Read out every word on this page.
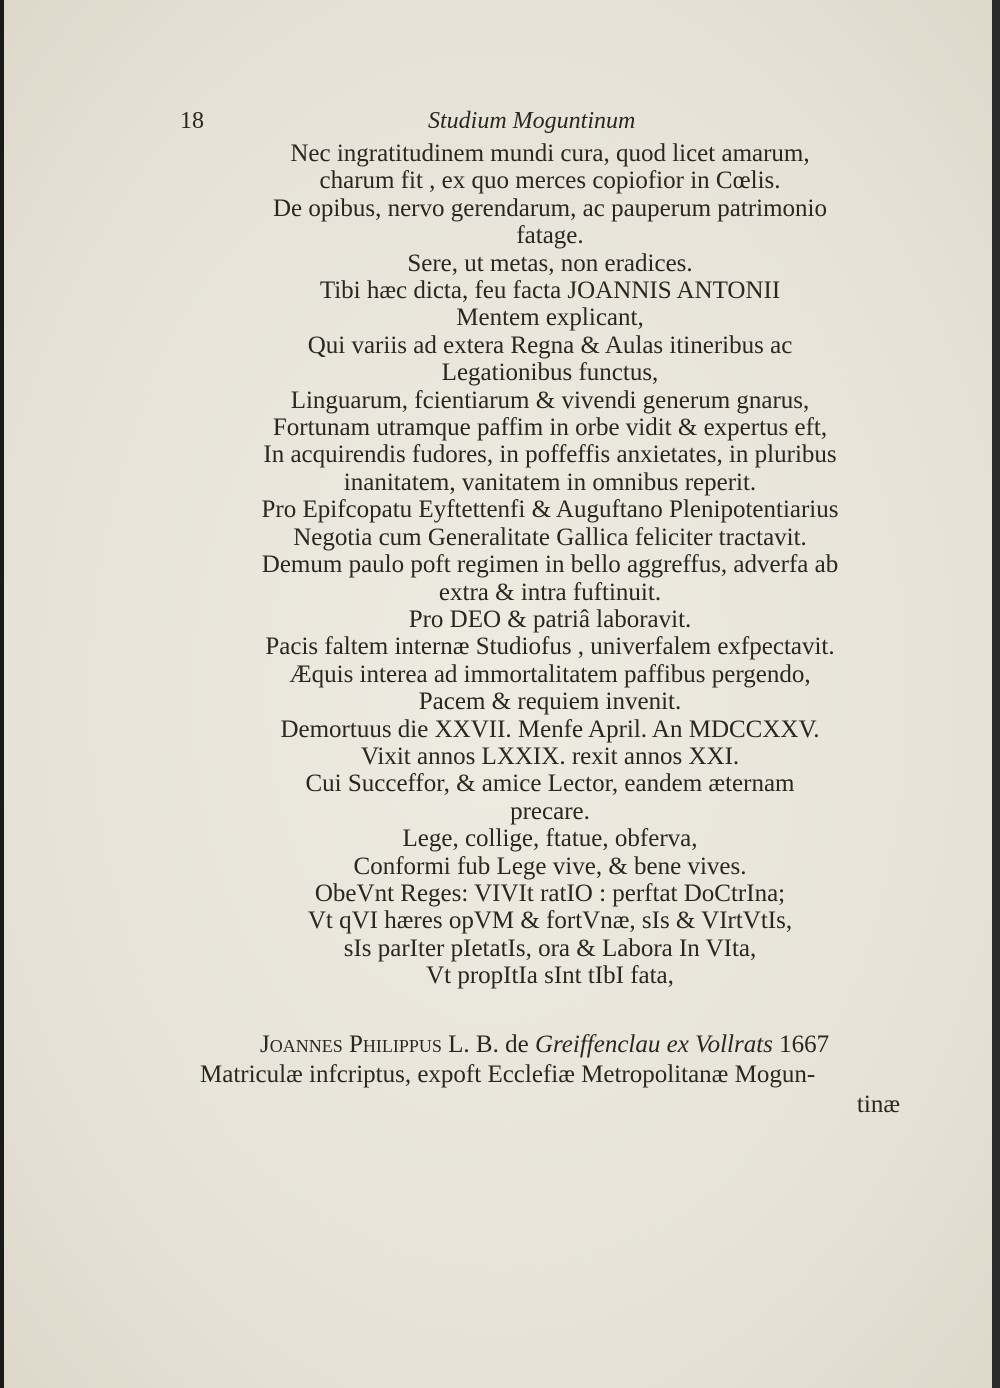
18	Studium Moguntinum
Nec ingratitudinem mundi cura, quod licet amarum,
charum fit , ex quo merces copiofior in Cœlis.
De opibus, nervo gerendarum, ac pauperum patrimonio
fatage.
Sere, ut metas, non eradices.
Tibi hæc dicta, feu facta JOANNIS ANTONII
Mentem explicant,
Qui variis ad extera Regna & Aulas itineribus ac
Legationibus functus,
Linguarum, fcientiarum & vivendi generum gnarus,
Fortunam utramque paffim in orbe vidit & expertus eft,
In acquirendis fudores, in poffeffis anxietates, in pluribus
inanitatem, vanitatem in omnibus reperit.
Pro Epifcopatu Eyftettenfi & Auguftano Plenipotentiarius
Negotia cum Generalitate Gallica feliciter tractavit.
Demum paulo poft regimen in bello aggreffus, adverfa ab
extra & intra fuftinuit.
Pro DEO & patriâ laboravit.
Pacis faltem internæ Studiofus , univerfalem exfpectavit.
Æquis interea ad immortalitatem paffibus pergendo,
Pacem & requiem invenit.
Demortuus die XXVII. Menfe April. An MDCCXXV.
Vixit annos LXXIX. rexit annos XXI.
Cui Succeffor, & amice Lector, eandem æternam
precare.
Lege, collige, ftatue, obferva,
Conformi fub Lege vive, & bene vives.
ObeVnt Reges: VIVIt ratIO : perftat DoCtrIna;
Vt qVI hæres opVM & fortVnæ, sIs & VIrtVtIs,
sIs parIter pIetatIs, ora & Labora In VIta,
Vt propItIa sInt tIbI fata,
Joannes Philippus L. B. de Greiffenclau ex Vollrats 1667
Matriculæ infcriptus, expoft Ecclefiæ Metropolitanæ Mogun-
tinæ
